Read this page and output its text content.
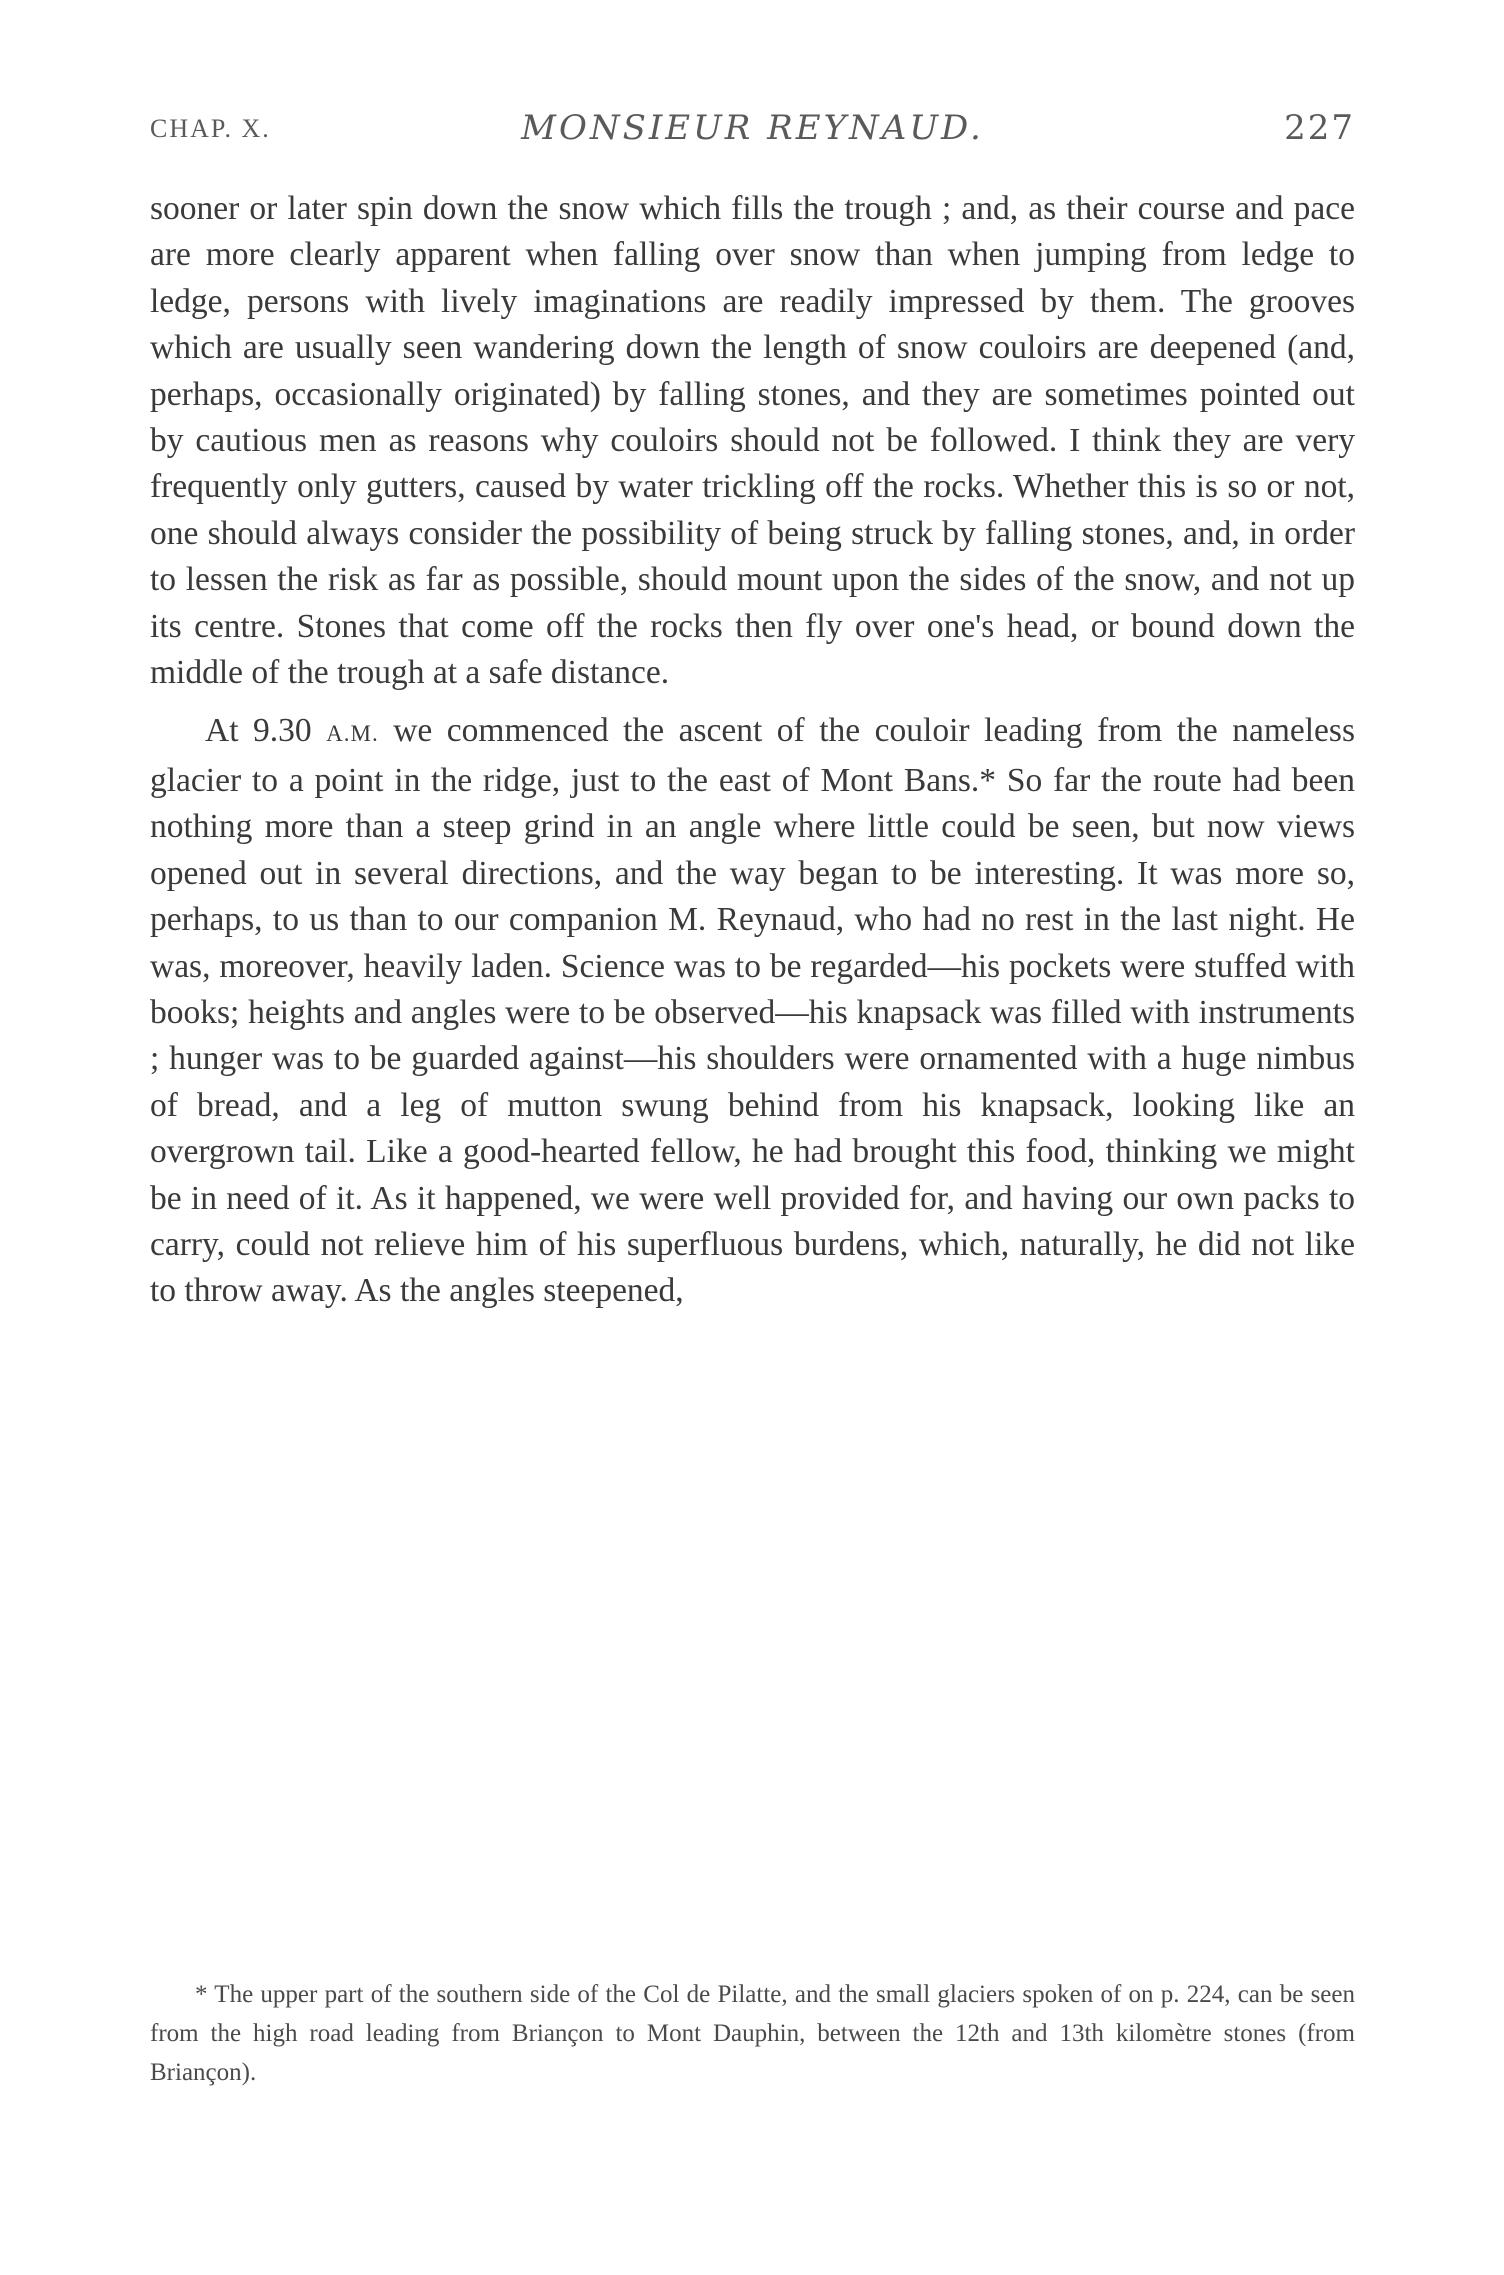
CHAP. X.	MONSIEUR REYNAUD.	227

sooner or later spin down the snow which fills the trough ; and, as their course and pace are more clearly apparent when falling over snow than when jumping from ledge to ledge, persons with lively imaginations are readily impressed by them. The grooves which are usually seen wandering down the length of snow couloirs are deepened (and, perhaps, occasionally originated) by falling stones, and they are sometimes pointed out by cautious men as reasons why couloirs should not be followed. I think they are very frequently only gutters, caused by water trickling off the rocks. Whether this is so or not, one should always consider the possibility of being struck by falling stones, and, in order to lessen the risk as far as possible, should mount upon the sides of the snow, and not up its centre. Stones that come off the rocks then fly over one's head, or bound down the middle of the trough at a safe distance.

At 9.30 A.M. we commenced the ascent of the couloir leading from the nameless glacier to a point in the ridge, just to the east of Mont Bans.* So far the route had been nothing more than a steep grind in an angle where little could be seen, but now views opened out in several directions, and the way began to be interesting. It was more so, perhaps, to us than to our companion M. Reynaud, who had no rest in the last night. He was, moreover, heavily laden. Science was to be regarded—his pockets were stuffed with books; heights and angles were to be observed—his knapsack was filled with instruments ; hunger was to be guarded against—his shoulders were ornamented with a huge nimbus of bread, and a leg of mutton swung behind from his knapsack, looking like an overgrown tail. Like a good-hearted fellow, he had brought this food, thinking we might be in need of it. As it happened, we were well provided for, and having our own packs to carry, could not relieve him of his superfluous burdens, which, naturally, he did not like to throw away. As the angles steepened,

* The upper part of the southern side of the Col de Pilatte, and the small glaciers spoken of on p. 224, can be seen from the high road leading from Briançon to Mont Dauphin, between the 12th and 13th kilomètre stones (from Briançon).
